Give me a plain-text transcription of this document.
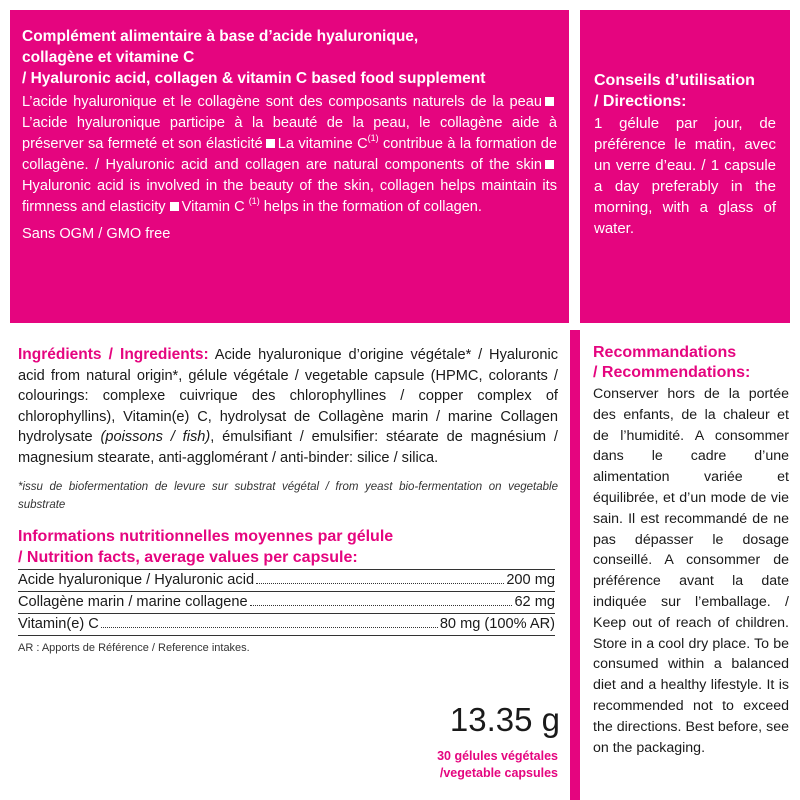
Complément alimentaire à base d’acide hyaluronique,
collagène et vitamine C
/ Hyaluronic acid, collagen & vitamin C based food supplement
L’acide hyaluronique et le collagène sont des composants naturels de la peauL’acide hyaluronique participe à la beauté de la peau, le collagène aide à préserver sa fermeté et son élasticité La vitamine $C^{(1)}$ contribue à la formation de collagène. / Hyaluronic acid and collagen are natural components of the skinHyaluronic acid is involved in the beauty of the skin, collagen helps maintain its firmness and elasticity Vitamin C $^{(1)}$ helps in the formation of collagen.
Sans OGM / GMO free
Conseils d’utilisation
/ Directions:
1 gélule par jour, de préférence le matin, avec un verre d’eau. / 1 capsule a day preferably in the morning, with a glass of water.
Ingrédients / Ingredients: Acide hyaluronique d’origine végétale* / Hyaluronic acid from natural origin*, gélule végétale / vegetable capsule (HPMC, colorants / colourings: complexe cuivrique des chlorophyllines / copper complex of chlorophyllins), Vitamin(e) C, hydrolysat de Collagène marin / marine Collagen hydrolysate (poissons / fish), émulsifiant / emulsifier: stéarate de magnésium / magnesium stearate, anti-agglomérant / anti-binder: silice / silica.
*issu de biofermentation de levure sur substrat végétal / from yeast bio-fermentation on vegetable substrate
Informations nutritionnelles moyennes par gélule
/ Nutrition facts, average values per capsule:
Acide hyaluronique / Hyaluronic acid	200 mg
Collagène marin / marine collagene	62 mg
Vitamin(e) C	80 mg (100% AR)
AR : Apports de Référence / Reference intakes.
13.35 g
30 gélules végétales
/vegetable capsules
Recommandations
/ Recommendations:
Conserver hors de la portée des enfants, de la chaleur et de l’humidité. A consommer dans le cadre d’une alimentation variée et équilibrée, et d’un mode de vie sain. Il est recommandé de ne pas dépasser le dosage conseillé. A consommer de préférence avant la date indiquée sur l’emballage. / Keep out of reach of children. Store in a cool dry place. To be consumed within a balanced diet and a healthy lifestyle. It is recommended not to exceed the directions. Best before, see on the packaging.
